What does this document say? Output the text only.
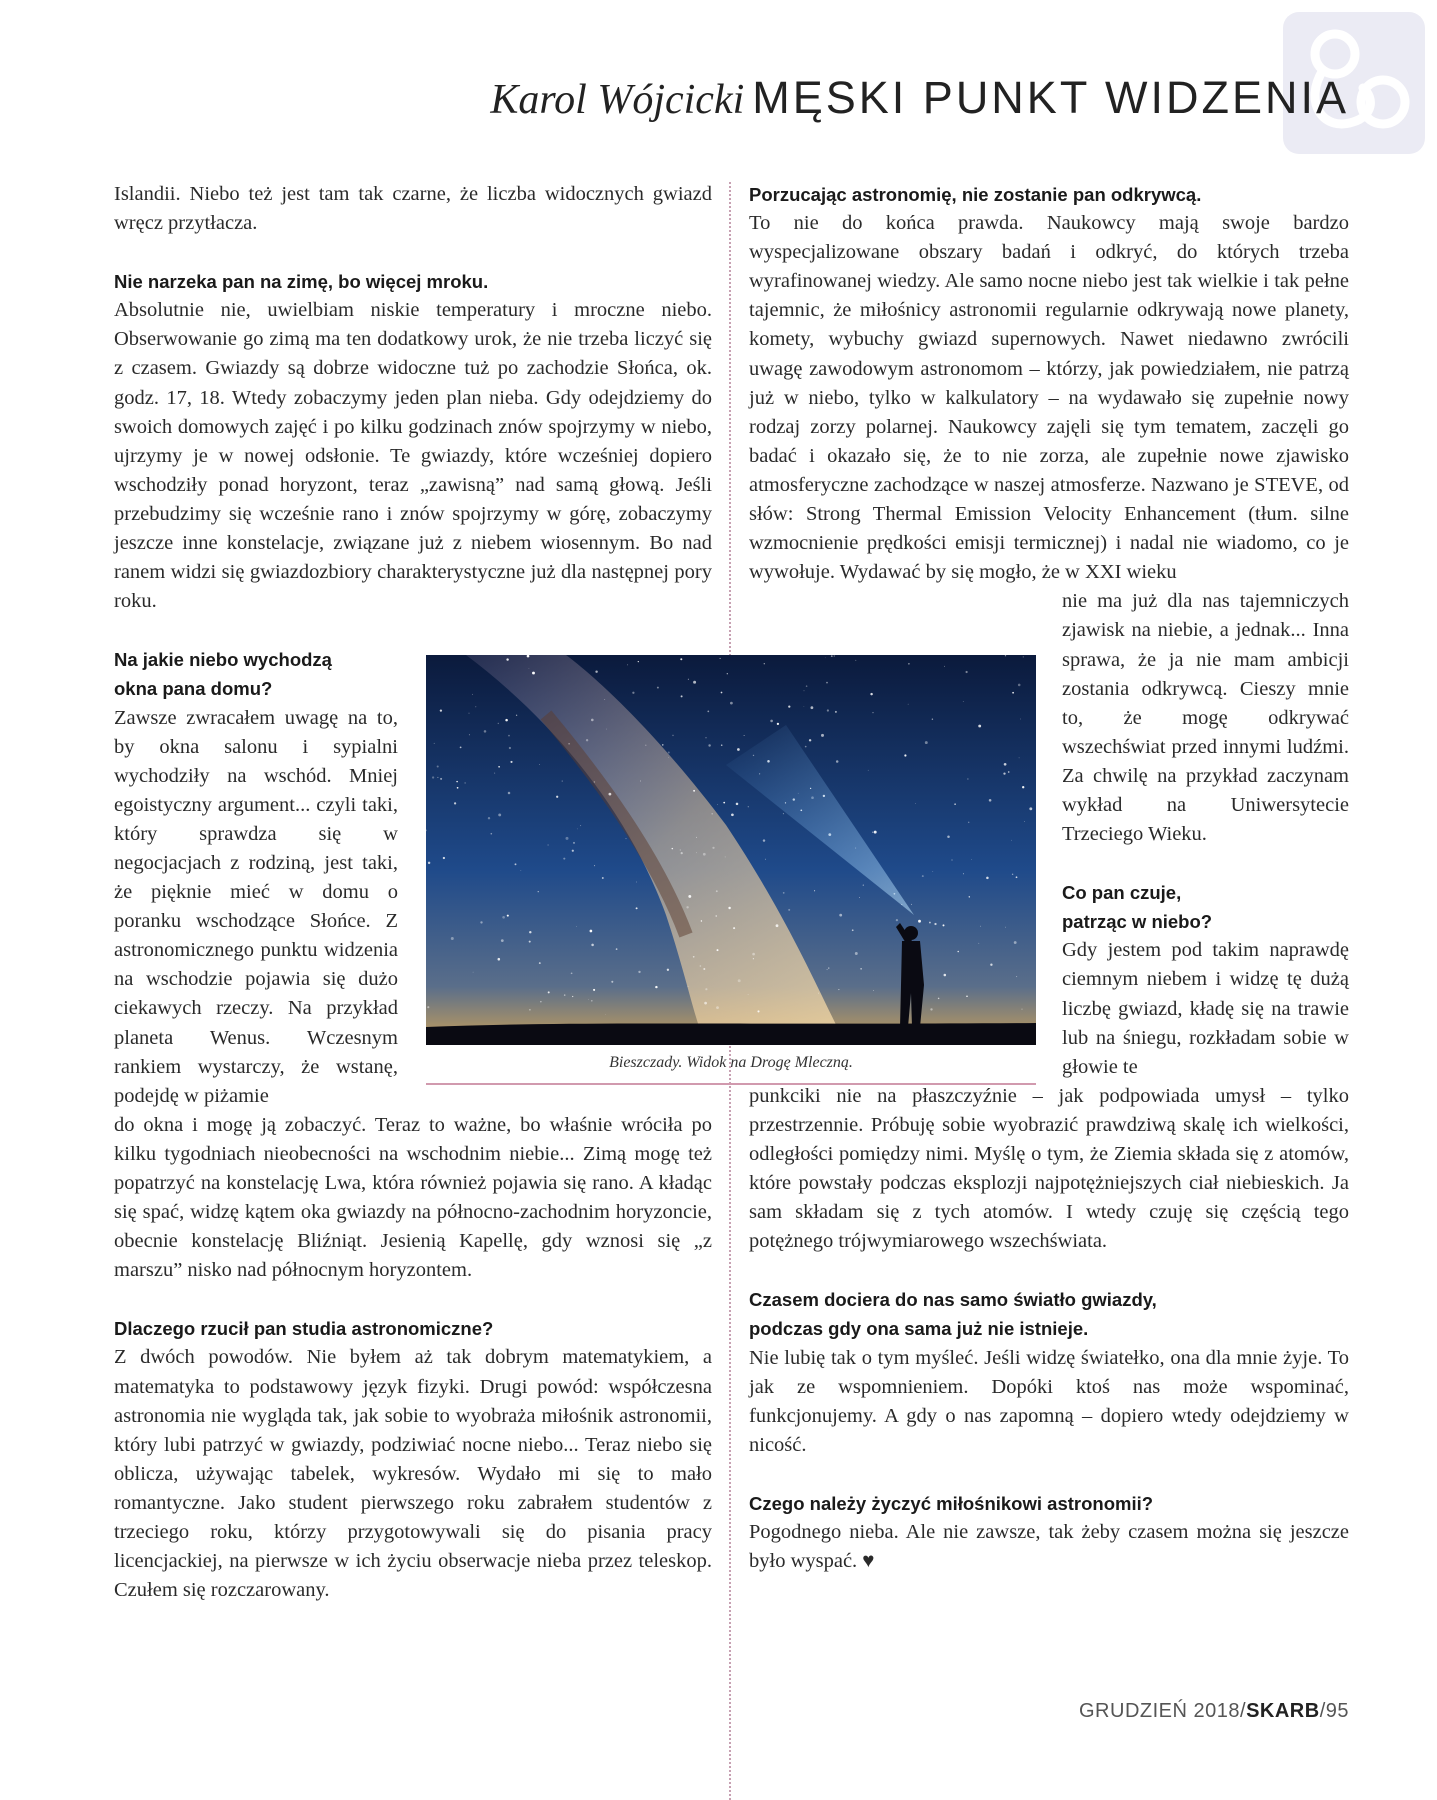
Karol Wójcicki MĘSKI PUNKT WIDZENIA

Islandii. Niebo też jest tam tak czarne, że liczba widocznych gwiazd wręcz przytłacza.

Nie narzeka pan na zimę, bo więcej mroku.

Absolutnie nie, uwielbiam niskie temperatury i mroczne niebo. Obserwowanie go zimą ma ten dodatkowy urok, że nie trzeba liczyć się z czasem. Gwiazdy są dobrze widoczne tuż po zachodzie Słońca, ok. godz. 17, 18. Wtedy zobaczymy jeden plan nieba. Gdy odejdziemy do swoich domowych zajęć i po kilku godzinach znów spojrzymy w niebo, ujrzymy je w nowej odsłonie. Te gwiazdy, które wcześniej dopiero wschodziły ponad horyzont, teraz „zawisną” nad samą głową. Jeśli przebudzimy się wcześnie rano i znów spojrzymy w górę, zobaczymy jeszcze inne konstelacje, związane już z niebem wiosennym. Bo nad ranem widzi się gwiazdozbiory charakterystyczne już dla następnej pory roku.

Na jakie niebo wychodzą
okna pana domu?

Zawsze zwracałem uwagę na to, by okna salonu i sypialni wychodziły na wschód. Mniej egoistyczny argument... czyli taki, który sprawdza się w negocjacjach z rodziną, jest taki, że pięknie mieć w domu o poranku wschodzące Słońce. Z astronomicznego punktu widzenia na wschodzie pojawia się dużo ciekawych rzeczy. Na przykład planeta Wenus. Wczesnym rankiem wystarczy, że wstanę, podejdę w piżamie

do okna i mogę ją zobaczyć. Teraz to ważne, bo właśnie wróciła po kilku tygodniach nieobecności na wschodnim niebie... Zimą mogę też popatrzyć na konstelację Lwa, która również pojawia się rano. A kładąc się spać, widzę kątem oka gwiazdy na północno-zachodnim horyzoncie, obecnie konstelację Bliźniąt. Jesienią Kapellę, gdy wznosi się „z marszu” nisko nad północnym horyzontem.

Dlaczego rzucił pan studia astronomiczne?

Z dwóch powodów. Nie byłem aż tak dobrym matematykiem, a matematyka to podstawowy język fizyki. Drugi powód: współczesna astronomia nie wygląda tak, jak sobie to wyobraża miłośnik astronomii, który lubi patrzyć w gwiazdy, podziwiać nocne niebo... Teraz niebo się oblicza, używając tabelek, wykresów. Wydało mi się to mało romantyczne. Jako student pierwszego roku zabrałem studentów z trzeciego roku, którzy przygotowywali się do pisania pracy licencjackiej, na pierwsze w ich życiu obserwacje nieba przez teleskop. Czułem się rozczarowany.

Porzucając astronomię, nie zostanie pan odkrywcą.

To nie do końca prawda. Naukowcy mają swoje bardzo wyspecjalizowane obszary badań i odkryć, do których trzeba wyrafinowanej wiedzy. Ale samo nocne niebo jest tak wielkie i tak pełne tajemnic, że miłośnicy astronomii regularnie odkrywają nowe planety, komety, wybuchy gwiazd supernowych. Nawet niedawno zwrócili uwagę zawodowym astronomom – którzy, jak powiedziałem, nie patrzą już w niebo, tylko w kalkulatory – na wydawało się zupełnie nowy rodzaj zorzy polarnej. Naukowcy zajęli się tym tematem, zaczęli go badać i okazało się, że to nie zorza, ale zupełnie nowe zjawisko atmosferyczne zachodzące w naszej atmosferze. Nazwano je STEVE, od słów: Strong Thermal Emission Velocity Enhancement (tłum. silne wzmocnienie prędkości emisji termicznej) i nadal nie wiadomo, co je wywołuje. Wydawać by się mogło, że w XXI wieku

nie ma już dla nas tajemniczych zjawisk na niebie, a jednak... Inna sprawa, że ja nie mam ambicji zostania odkrywcą. Cieszy mnie to, że mogę odkrywać wszechświat przed innymi ludźmi. Za chwilę na przykład zaczynam wykład na Uniwersytecie Trzeciego Wieku.

Co pan czuje,
patrząc w niebo?

Gdy jestem pod takim naprawdę ciemnym niebem i widzę tę dużą liczbę gwiazd, kładę się na trawie lub na śniegu, rozkładam sobie w głowie te

punkciki nie na płaszczyźnie – jak podpowiada umysł – tylko przestrzennie. Próbuję sobie wyobrazić prawdziwą skalę ich wielkości, odległości pomiędzy nimi. Myślę o tym, że Ziemia składa się z atomów, które powstały podczas eksplozji najpotężniejszych ciał niebieskich. Ja sam składam się z tych atomów. I wtedy czuję się częścią tego potężnego trójwymiarowego wszechświata.

Czasem dociera do nas samo światło gwiazdy,
podczas gdy ona sama już nie istnieje.

Nie lubię tak o tym myśleć. Jeśli widzę światełko, ona dla mnie żyje. To jak ze wspomnieniem. Dopóki ktoś nas może wspominać, funkcjonujemy. A gdy o nas zapomną – dopiero wtedy odejdziemy w nicość.

Czego należy życzyć miłośnikowi astronomii?

Pogodnego nieba. Ale nie zawsze, tak żeby czasem można się jeszcze było wyspać. ♥

Bieszczady. Widok na Drogę Mleczną.
GRUDZIEŃ 2018/SKARB/95
